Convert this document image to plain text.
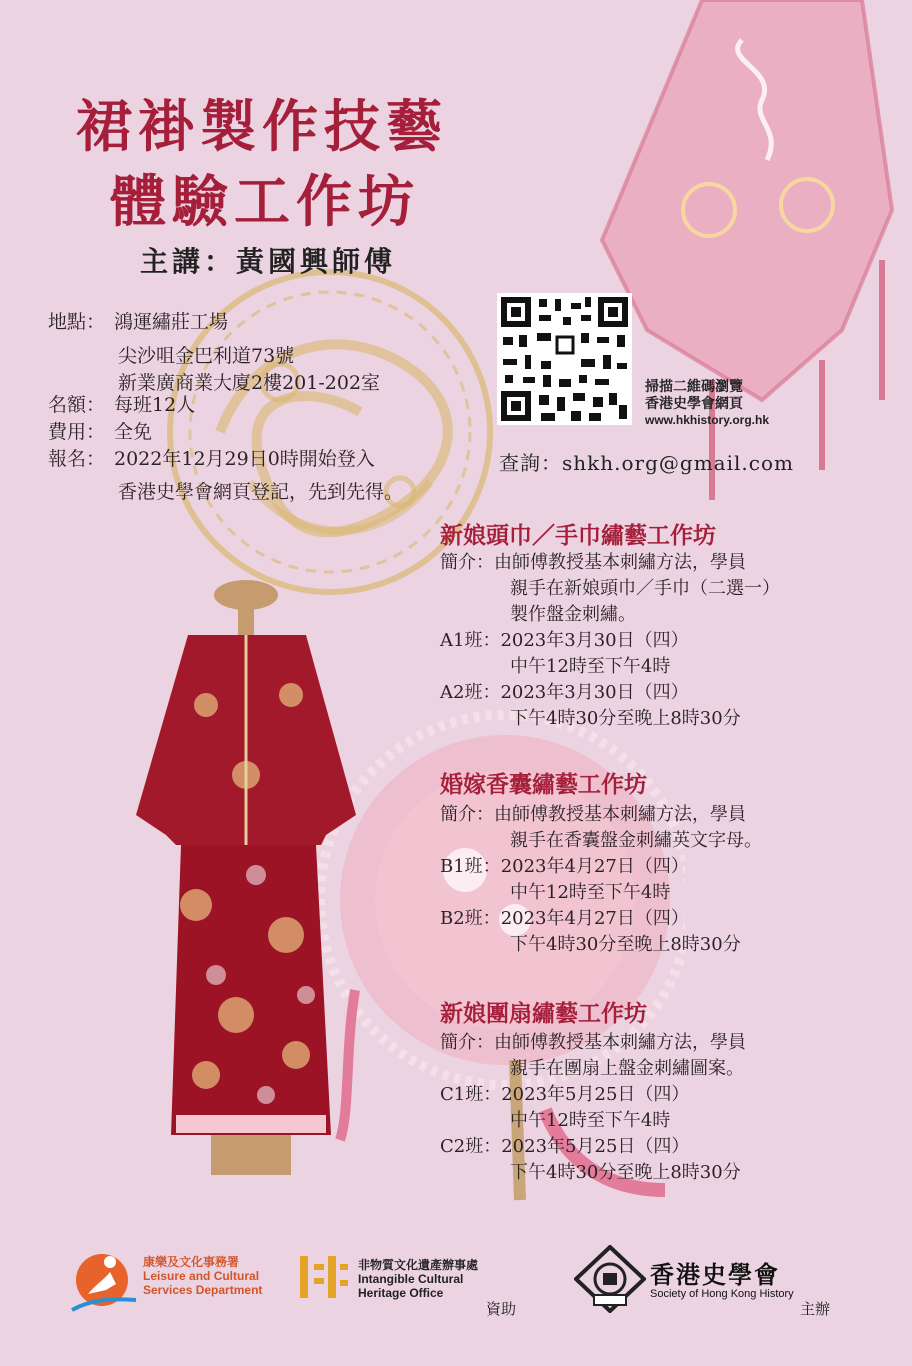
裙褂製作技藝
體驗工作坊
主講：黃國興師傅
地點： 鴻運繡莊工場
尖沙咀金巴利道73號
新業廣商業大廈2樓201-202室
名額： 每班12人
費用： 全免
報名： 2022年12月29日0時開始登入
香港史學會網頁登記，先到先得。
掃描二維碼瀏覽
香港史學會網頁
www.hkhistory.org.hk
查詢：shkh.org@gmail.com
新娘頭巾／手巾繡藝工作坊
簡介：由師傅教授基本刺繡方法，學員
親手在新娘頭巾／手巾（二選一）
製作盤金刺繡。
A1班：2023年3月30日（四）
中午12時至下午4時
A2班：2023年3月30日（四）
下午4時30分至晚上8時30分
婚嫁香囊繡藝工作坊
簡介：由師傅教授基本刺繡方法，學員
親手在香囊盤金刺繡英文字母。
B1班：2023年4月27日（四）
中午12時至下午4時
B2班：2023年4月27日（四）
下午4時30分至晚上8時30分
新娘團扇繡藝工作坊
簡介：由師傅教授基本刺繡方法，學員
親手在團扇上盤金刺繡圖案。
C1班：2023年5月25日（四）
中午12時至下午4時
C2班：2023年5月25日（四）
下午4時30分至晚上8時30分
康樂及文化事務署
Leisure and Cultural
Services Department
非物質文化遺產辦事處
Intangible Cultural
Heritage Office
資助
香港史學會
Society of Hong Kong History
主辦
